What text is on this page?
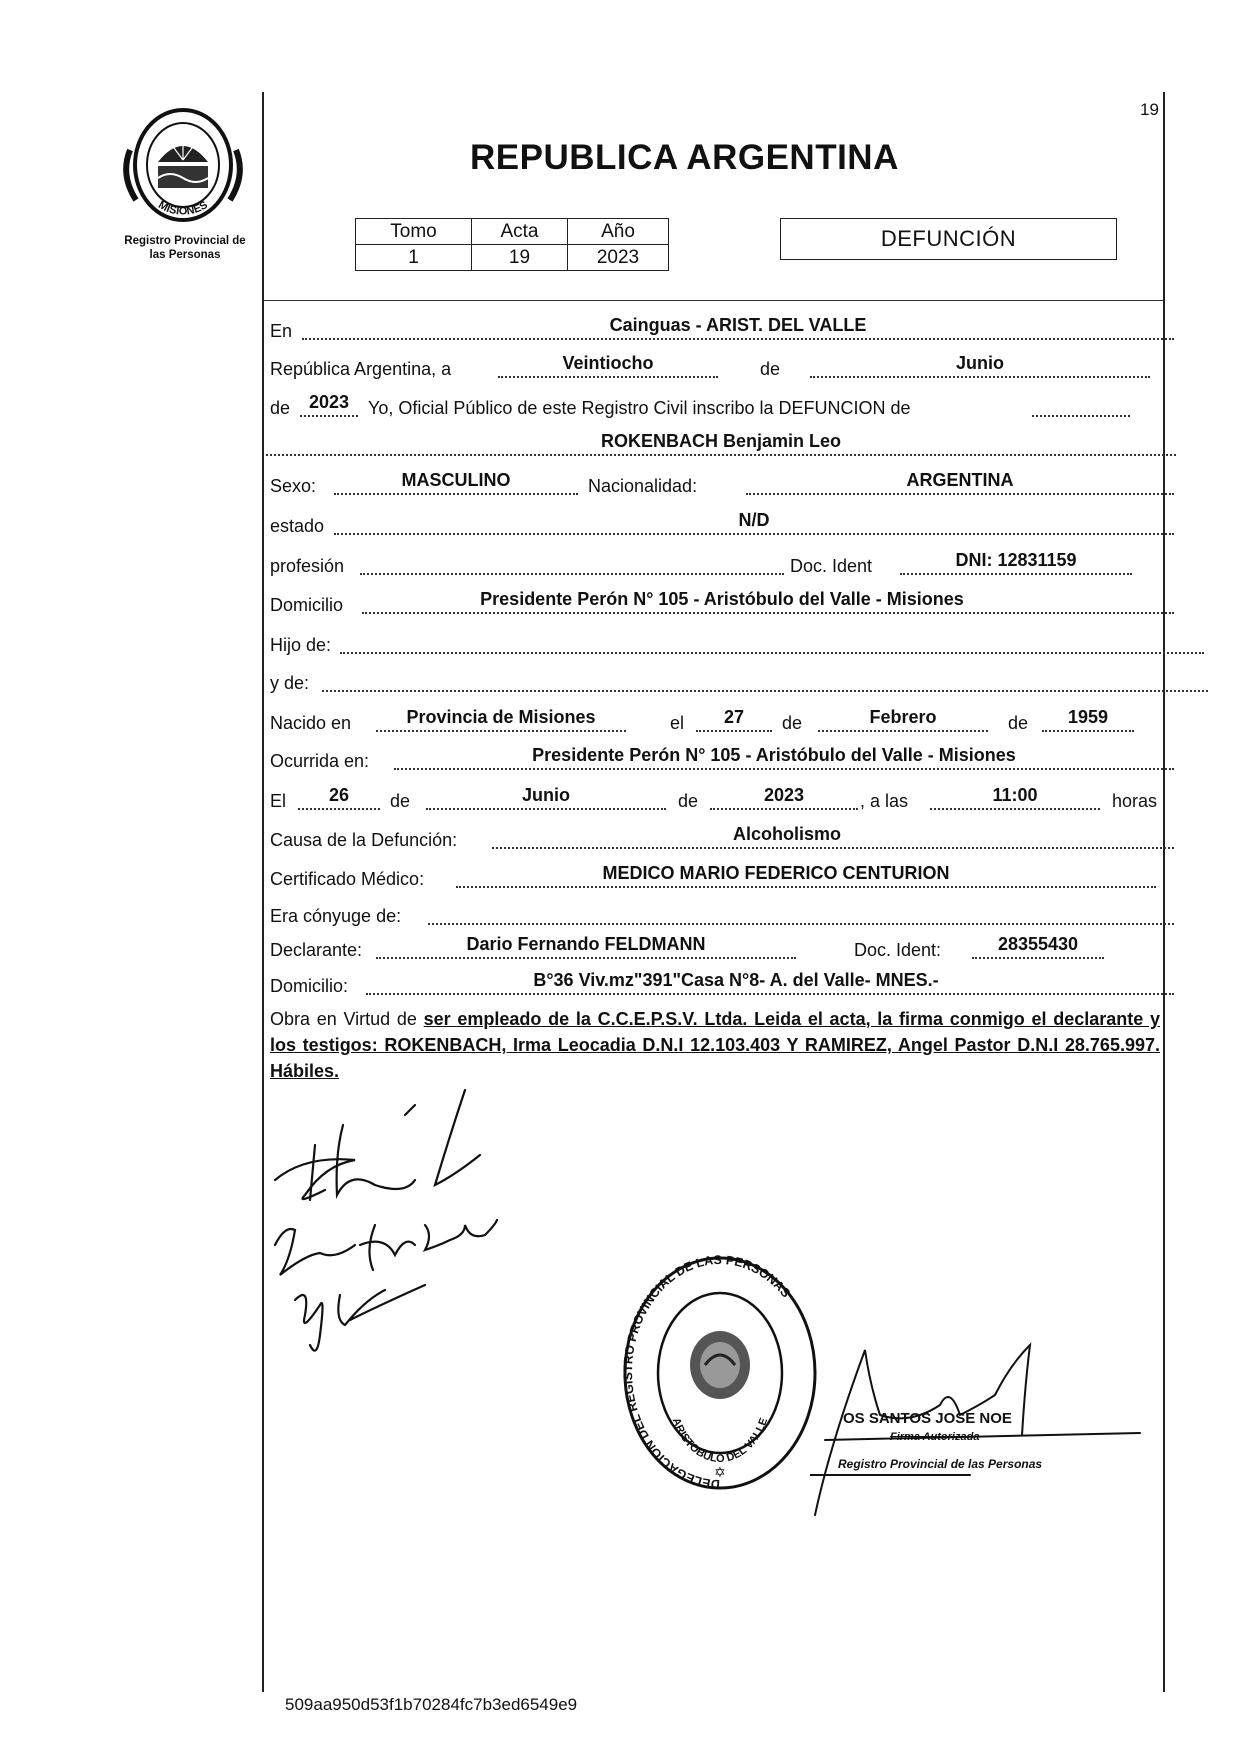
MISIONES
Registro Provincial de
las Personas
19
REPUBLICA ARGENTINA
Tomo	Acta	Año
1	19	2023
DEFUNCIÓN
En	Cainguas - ARIST. DEL VALLE
República Argentina, a	Veintiocho	de	Junio
de	2023	Yo, Oficial Público de este Registro Civil inscribo la DEFUNCION de
ROKENBACH Benjamin Leo
Sexo:	MASCULINO	Nacionalidad:	ARGENTINA
estado	N/D
profesión	Doc. Ident	DNI: 12831159
Domicilio	Presidente Perón N° 105 - Aristóbulo del Valle - Misiones
Hijo de:
y de:
Nacido en	Provincia de Misiones	el	27	de	Febrero	de	1959
Ocurrida en:	Presidente Perón N° 105 - Aristóbulo del Valle - Misiones
El	26	de	Junio	de	2023	, a las	11:00	horas
Causa de la Defunción:	Alcoholismo
Certificado Médico:	MEDICO MARIO FEDERICO CENTURION
Era cónyuge de:
Declarante:	Dario Fernando FELDMANN	Doc. Ident:	28355430
Domicilio:	B°36 Viv.mz"391"Casa N°8- A. del Valle- MNES.-
Obra en Virtud de ser empleado de la C.C.E.P.S.V. Ltda. Leida el acta, la firma conmigo el declarante y los testigos: ROKENBACH, Irma Leocadia D.N.I 12.103.403 Y RAMIREZ, Angel Pastor D.N.I 28.765.997. Hábiles.
DELEGACION DEL REGISTRO PROVINCIAL DE LAS PERSONAS
ARISTOBULO DEL VALLE
✡
OS SANTOS JOSE NOE
Firma Autorizada
Registro Provincial de las Personas
509aa950d53f1b70284fc7b3ed6549e9
